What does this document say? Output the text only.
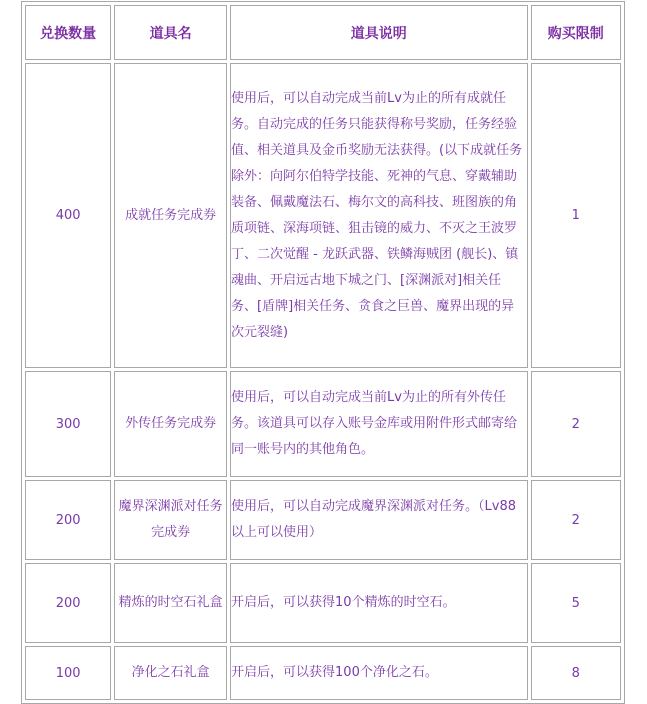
兑换数量	道具名	道具说明	购买限制
400	成就任务完成券	使用后，可以自动完成当前Lv为止的所有成就任务。自动完成的任务只能获得称号奖励，任务经验值、相关道具及金币奖励无法获得。(以下成就任务除外：向阿尔伯特学技能、死神的气息、穿戴辅助装备、佩戴魔法石、梅尔文的高科技、班图族的角质项链、深海项链、狙击镜的威力、不灭之王波罗丁、二次觉醒 - 龙跃武器、铁鳞海贼团 (舰长)、镇魂曲、开启远古地下城之门、[深渊派对]相关任务、[盾牌]相关任务、贪食之巨兽、魔界出现的异次元裂缝)	1
300	外传任务完成券	使用后，可以自动完成当前Lv为止的所有外传任务。该道具可以存入账号金库或用附件形式邮寄给同一账号内的其他角色。	2
200	魔界深渊派对任务完成券	使用后，可以自动完成魔界深渊派对任务。（Lv88以上可以使用）	2
200	精炼的时空石礼盒	开启后，可以获得10个精炼的时空石。	5
100	净化之石礼盒	开启后，可以获得100个净化之石。	8
